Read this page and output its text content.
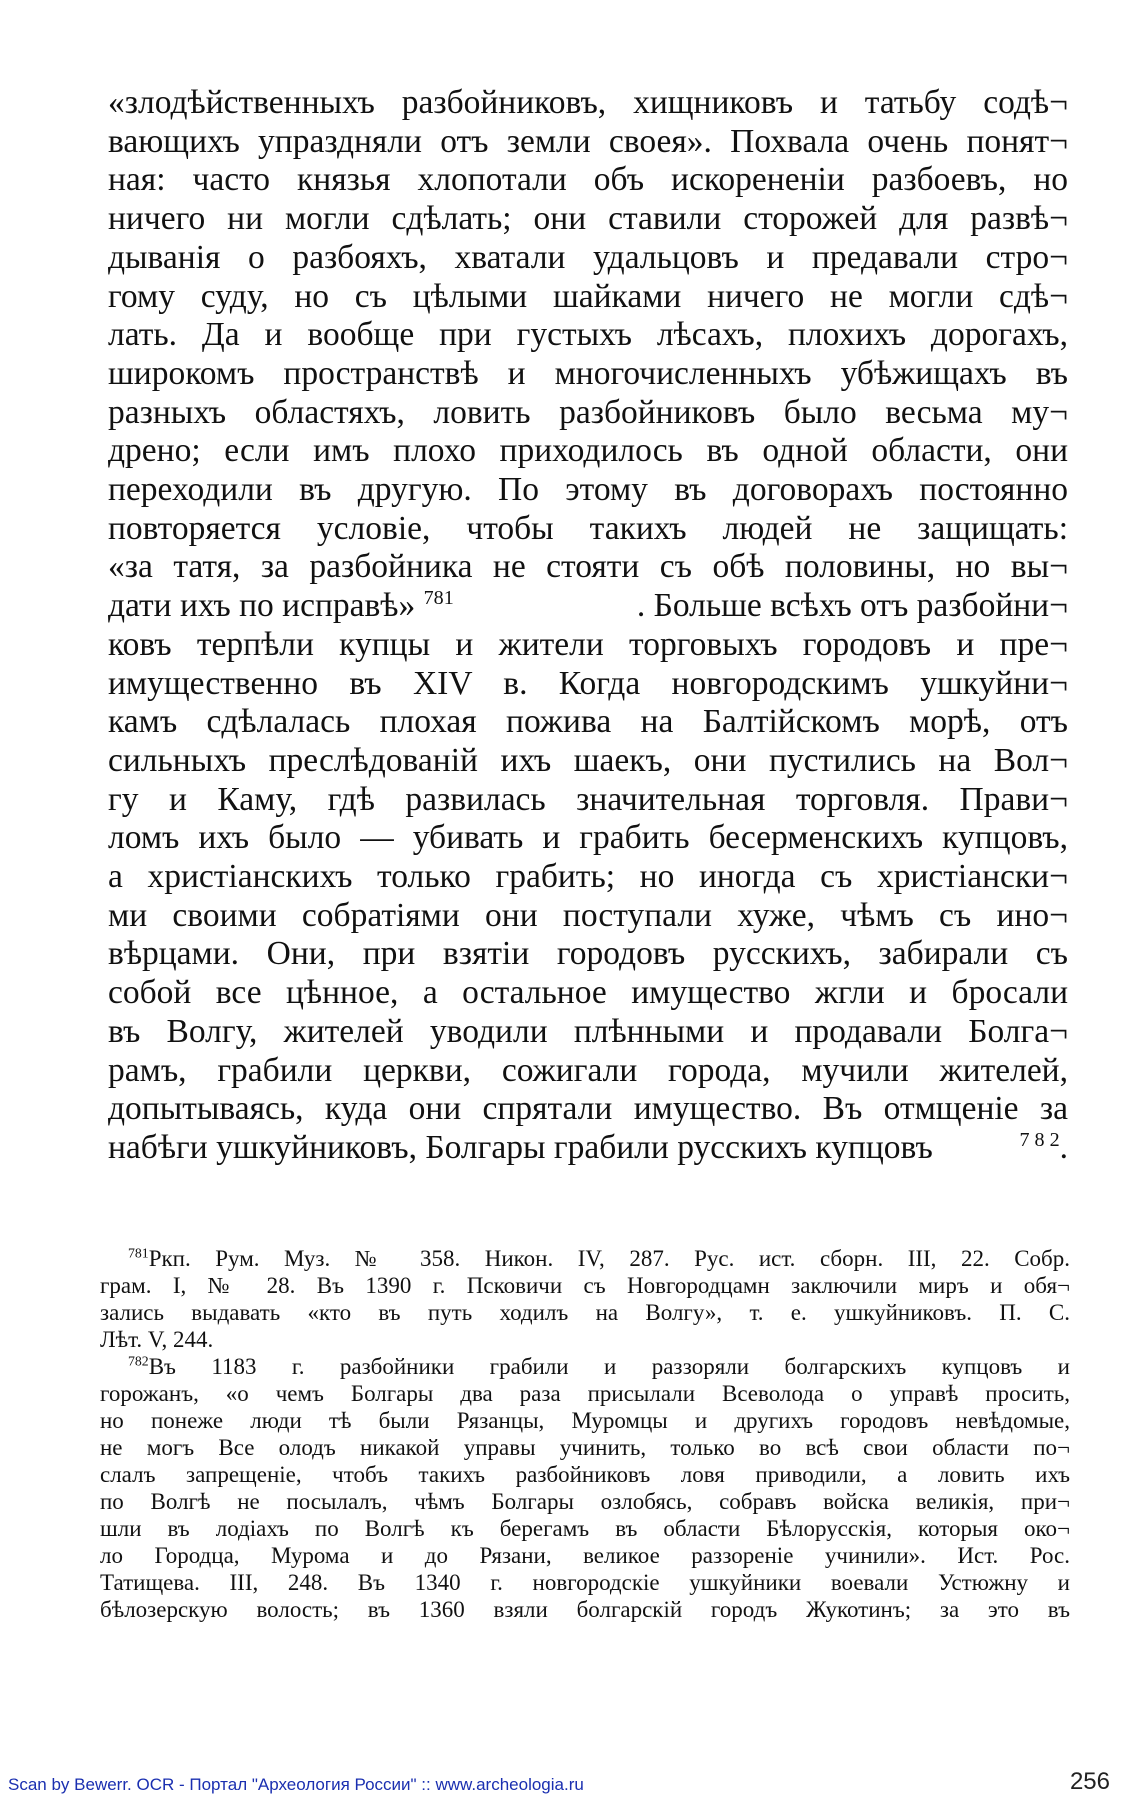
«злодѣйственныхъ разбойниковъ, хищниковъ и татьбу содѣ¬
вающихъ упраздняли отъ земли своея». Похвала очень понят¬
ная: часто князья хлопотали объ искорененіи разбоевъ, но
ничего ни могли сдѣлать; они ставили сторожей для развѣ¬
дыванія о разбояхъ, хватали удальцовъ и предавали стро¬
гому суду, но съ цѣлыми шайками ничего не могли сдѣ¬
лать. Да и вообще при густыхъ лѣсахъ, плохихъ дорогахъ,
широкомъ пространствѣ и многочисленныхъ убѣжищахъ въ
разныхъ областяхъ, ловить разбойниковъ было весьма му¬
дрено; если имъ плохо приходилось въ одной области, они
переходили въ другую. По этому въ договорахъ постоянно
повторяется условіе, чтобы такихъ людей не защищать:
«за татя, за разбойника не стояти съ обѣ половины, но вы¬
дати ихъ по исправѣ» $^{781}$	. Больше всѣхъ отъ разбойни¬
ковъ терпѣли купцы и жители торговыхъ городовъ и пре¬
имущественно въ XIV в. Когда новгородскимъ ушкуйни¬
камъ сдѣлалась плохая пожива на Балтійскомъ морѣ, отъ
сильныхъ преслѣдованій ихъ шаекъ, они пустились на Вол¬
гу и Каму, гдѣ развилась значительная торговля. Прави¬
ломъ ихъ было — убивать и грабить бесерменскихъ купцовъ,
а христіанскихъ только грабить; но иногда съ христіански¬
ми своими собратіями они поступали хуже, чѣмъ съ ино¬
вѣрцами. Они, при взятіи городовъ русскихъ, забирали съ
собой все цѣнное, а остальное имущество жгли и бросали
въ Волгу, жителей уводили плѣнными и продавали Болга¬
рамъ, грабили церкви, сожигали города, мучили жителей,
допытываясь, куда они спрятали имущество. Въ отмщеніе за
набѣги ушкуйниковъ, Болгары грабили русскихъ купцовъ	$^{7 8 2}$.
$^{781}$Ркп. Рум. Муз. № 358. Никон. IV, 287. Рус. ист. сборн. III, 22. Собр.
грам. I, № 28. Въ 1390 г. Псковичи съ Новгородцамн заключили миръ и обя¬
зались выдавать «кто въ путь ходилъ на Волгу», т. е. ушкуйниковъ. П. С.
Лѣт. V, 244.
$^{782}$Въ 1183 г. разбойники грабили и раззоряли болгарскихъ купцовъ и
горожанъ, «о чемъ Болгары два раза присылали Всеволода о управѣ просить,
но понеже люди тѣ были Рязанцы, Муромцы и другихъ городовъ невѣдомые,
не могъ Все олодъ никакой управы учинить, только во всѣ свои области по¬
слалъ запрещеніе, чтобъ такихъ разбойниковъ ловя приводили, а ловить ихъ
по Волгѣ не посылалъ, чѣмъ Болгары озлобясь, собравъ войска великія, при¬
шли въ лодіахъ по Волгѣ къ берегамъ въ области Бѣлорусскія, которыя око¬
ло Городца, Мурома и до Рязани, великое раззореніе учинили». Ист. Рос.
Татищева. III, 248. Въ 1340 г. новгородскіе ушкуйники воевали Устюжну и
бѣлозерскую волость; въ 1360 взяли болгарскій городъ Жукотинъ; за это въ
Scan by Bewerr. OCR - Портал "Археология России" :: www.archeologia.ru	256
